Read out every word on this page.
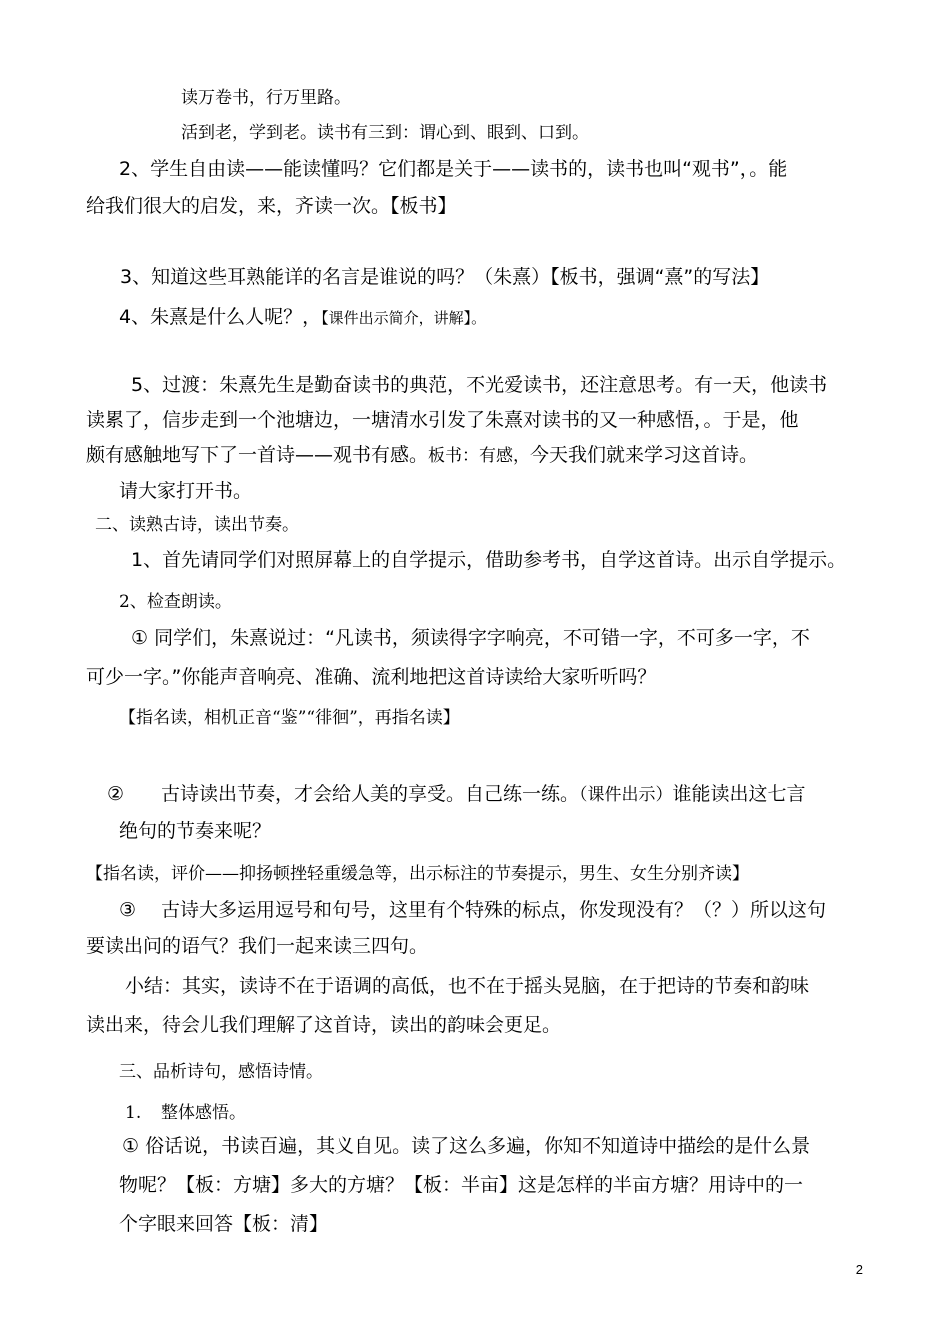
读万卷书，行万里路。
活到老，学到老。读书有三到：谓心到、眼到、口到。
2、学生自由读——能读懂吗？它们都是关于——读书的，读书也叫“观书”，。能
给我们很大的启发，来，齐读一次。【板书】
3、知道这些耳熟能详的名言是谁说的吗？（朱熹）【板书，强调“熹”的写法】
4、朱熹是什么人呢？，【课件出示简介，讲解】。
5、过渡：朱熹先生是勤奋读书的典范，不光爱读书，还注意思考。有一天，他读书
读累了，信步走到一个池塘边，一塘清水引发了朱熹对读书的又一种感悟，。于是，他
颇有感触地写下了一首诗——观书有感。板书：有感，今天我们就来学习这首诗。
请大家打开书。
二、读熟古诗，读出节奏。
1、首先请同学们对照屏幕上的自学提示，借助参考书，自学这首诗。出示自学提示。
2、检查朗读。
① 同学们，朱熹说过：“凡读书，须读得字字响亮，不可错一字，不可多一字，不
可少一字。”你能声音响亮、准确、流利地把这首诗读给大家听听吗？
【指名读，相机正音“鉴”“徘徊”，再指名读】
② 古诗读出节奏，才会给人美的享受。自己练一练。（课件出示）谁能读出这七言
绝句的节奏来呢？
【指名读，评价——抑扬顿挫轻重缓急等，出示标注的节奏提示，男生、女生分别齐读】
③ 古诗大多运用逗号和句号，这里有个特殊的标点，你发现没有？（？）所以这句
要读出问的语气？我们一起来读三四句。
小结：其实，读诗不在于语调的高低，也不在于摇头晃脑，在于把诗的节奏和韵味
读出来，待会儿我们理解了这首诗，读出的韵味会更足。
三、品析诗句，感悟诗情。
1. 整体感悟。
① 俗话说，书读百遍，其义自见。读了这么多遍，你知不知道诗中描绘的是什么景
物呢？【板：方塘】多大的方塘？【板：半亩】这是怎样的半亩方塘？用诗中的一
个字眼来回答【板：清】
2
